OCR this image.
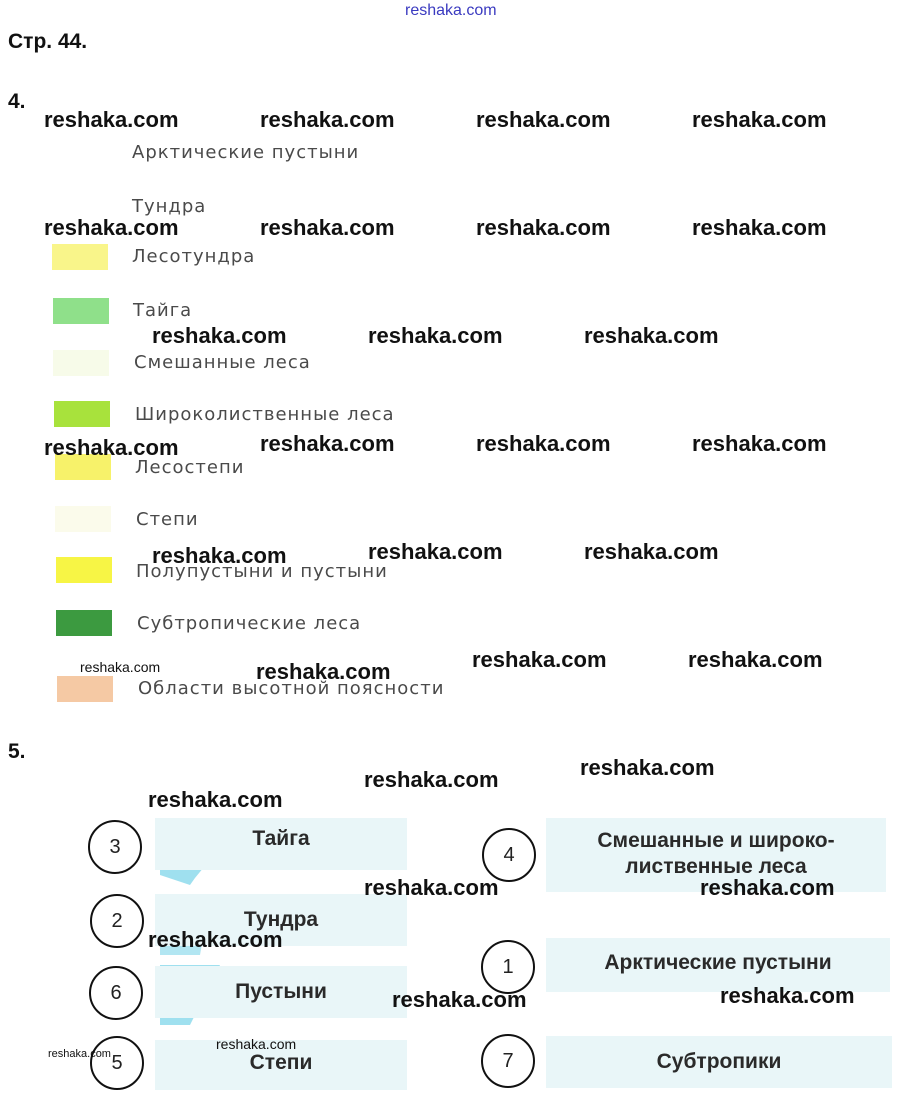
reshaka.com
Стр. 44.
4.
Арктические пустыни
Тундра
Лесотундра
Тайга
Смешанные леса
Широколиственные леса
Лесостепи
Степи
Полупустыни и пустыни
Субтропические леса
Области высотной поясности
5.
3	Тайга
2	Тундра
6	Пустыни
5	Степи
4
Смешанные и широко-
лиственные леса
1	Арктические пустыни
7	Субтропики
reshaka.com	reshaka.com	reshaka.com	reshaka.com
reshaka.com	reshaka.com	reshaka.com	reshaka.com
reshaka.com	reshaka.com	reshaka.com
reshaka.com	reshaka.com	reshaka.com	reshaka.com
reshaka.com	reshaka.com	reshaka.com
reshaka.com	reshaka.com	reshaka.com	reshaka.com
reshaka.com	reshaka.com
reshaka.com
reshaka.com	reshaka.com
reshaka.com
reshaka.com	reshaka.com
reshaka.com
reshaka.com
